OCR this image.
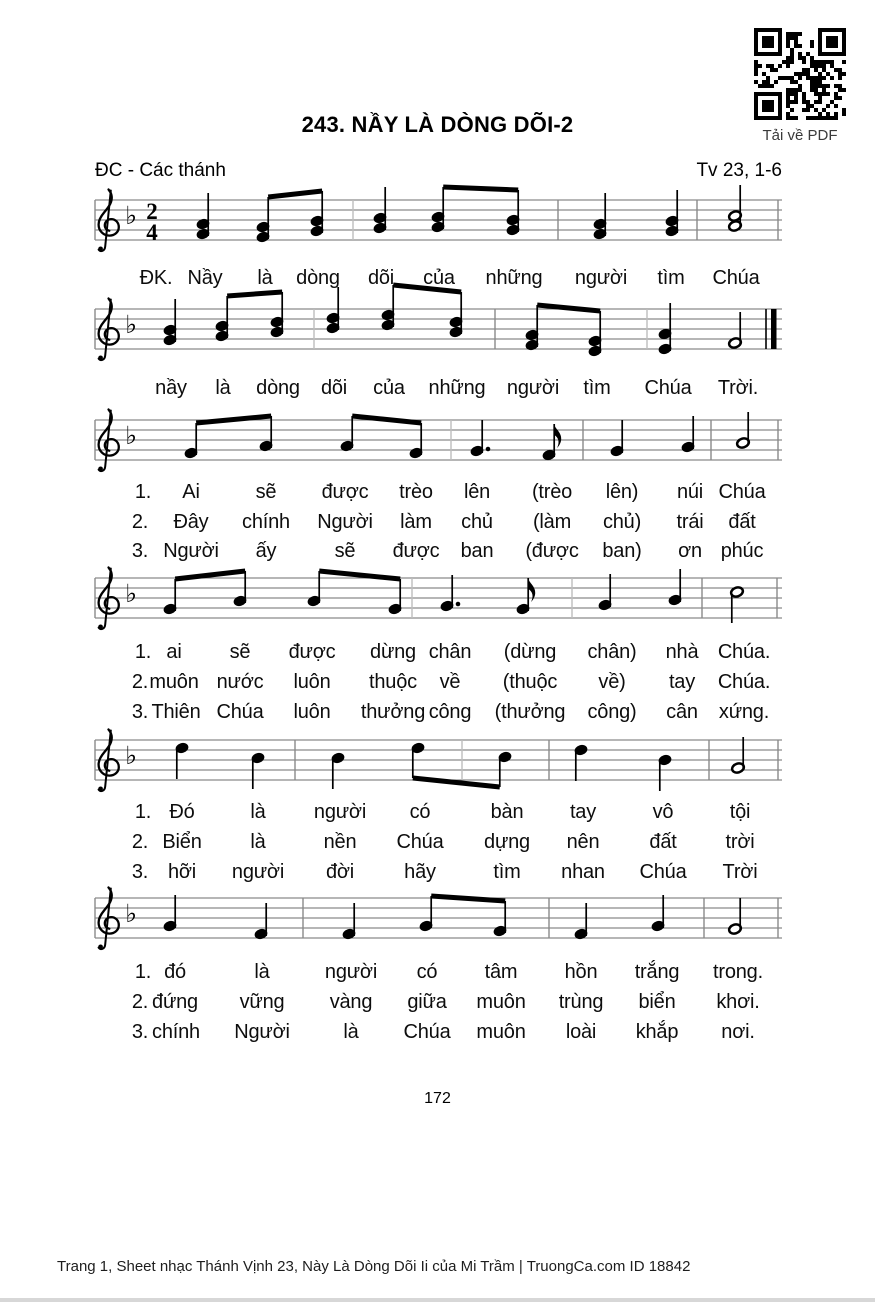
♭ 2
4
♭
♭
♭
♭
♭
243. NẦY LÀ DÒNG DÕI-2
ĐC - Các thánh	Tv 23, 1-6
Tải về PDF
ĐK. Nầy là dòng dõi của những người tìm Chúa
nầy là dòng dõi của những người tìm Chúa Trời.
1. Ai	sẽ được trèo lên (trèo lên) núi Chúa
2. Đây chính Người làm chủ (làm chủ) trái đất
3. Người ấy	sẽ được ban (được ban) ơn phúc
1. ai sẽ được dừng chân (dừng chân) nhà Chúa.
2. muôn nước luôn thuộc về (thuộc về) tay Chúa.
3. Thiên Chúa luôn thưởng công (thưởng công) cân xứng.
1. Đó	là người có	bàn tay	vô	tội
2. Biển là	nền Chúa dựng nên	đất trời
3. hỡi người đời	hãy	tìm nhan Chúa Trời
1. đó	là	người có tâm hồn trắng trong.
2. đứng vững vàng giữa muôn trùng biển khơi.
3. chính Người	là Chúa muôn loài khắp nơi.
172
Trang 1, Sheet nhạc Thánh Vịnh 23, Này Là Dòng Dõi Ii của Mi Trầm | TruongCa.com ID 18842
